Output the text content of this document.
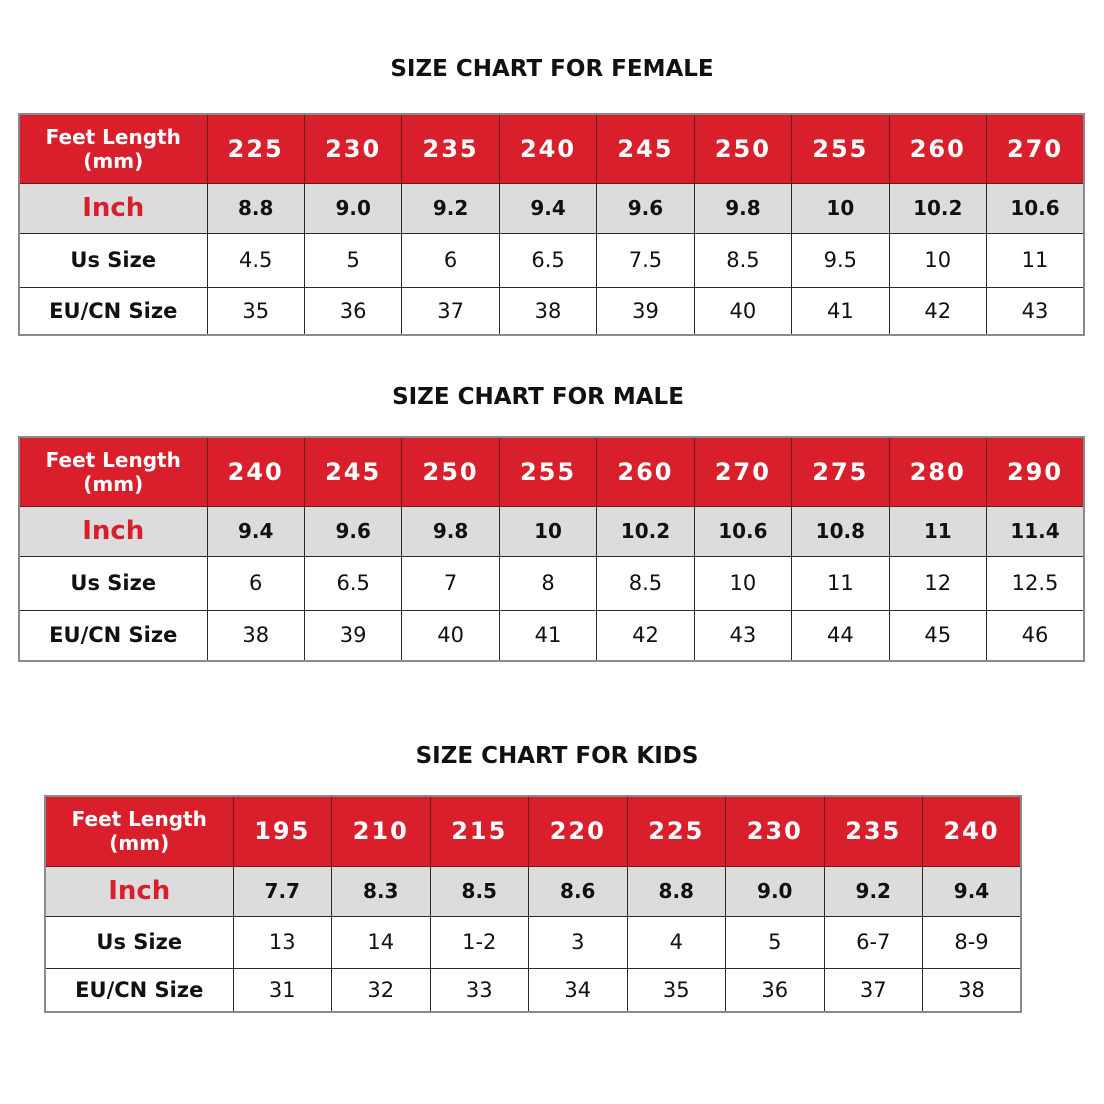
SIZE CHART FOR FEMALE
Feet Length
(mm)	225	230	235	240	245	250	255	260	270
Inch	8.8	9.0	9.2	9.4	9.6	9.8	10	10.2	10.6
Us Size	4.5	5	6	6.5	7.5	8.5	9.5	10	11
EU/CN Size	35	36	37	38	39	40	41	42	43
SIZE CHART FOR MALE
Feet Length
(mm)	240	245	250	255	260	270	275	280	290
Inch	9.4	9.6	9.8	10	10.2	10.6	10.8	11	11.4
Us Size	6	6.5	7	8	8.5	10	11	12	12.5
EU/CN Size	38	39	40	41	42	43	44	45	46
SIZE CHART FOR KIDS
Feet Length
(mm)	195	210	215	220	225	230	235	240
Inch	7.7	8.3	8.5	8.6	8.8	9.0	9.2	9.4
Us Size	13	14	1-2	3	4	5	6-7	8-9
EU/CN Size	31	32	33	34	35	36	37	38
